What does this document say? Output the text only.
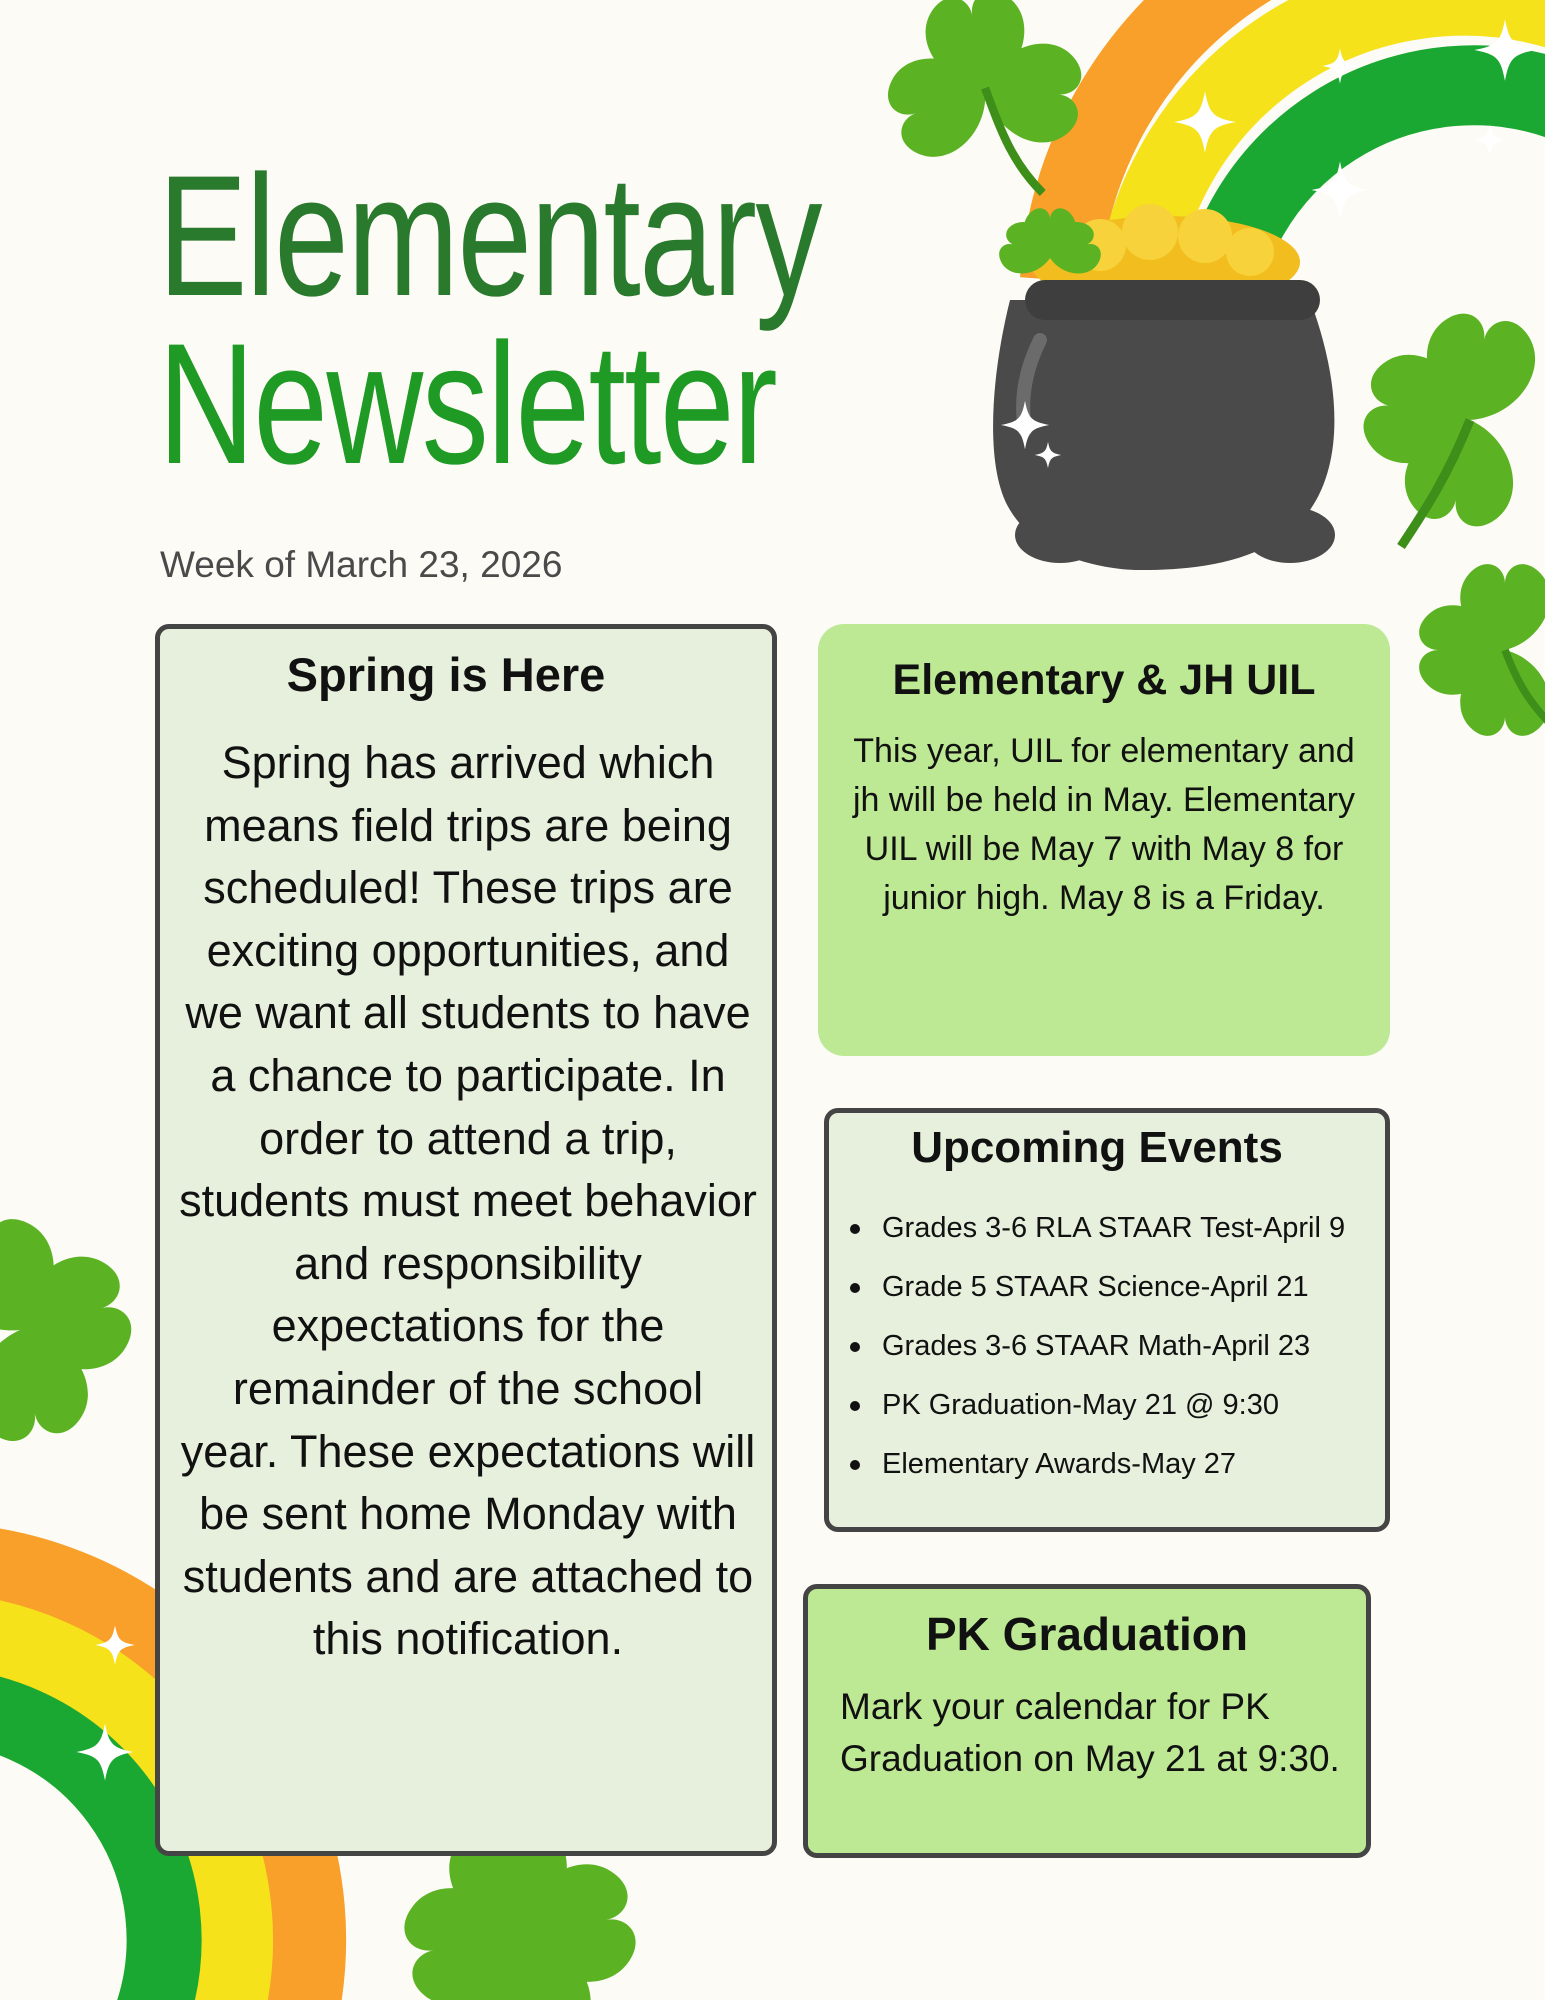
Elementary
Newsletter
Week of March 23, 2026
Spring is Here

Spring has arrived which means field trips are being scheduled! These trips are exciting opportunities, and we want all students to have a chance to participate. In order to attend a trip, students must meet behavior and responsibility expectations for the remainder of the school year. These expectations will be sent home Monday with students and are attached to this notification.

Elementary & JH UIL

This year, UIL for elementary and jh will be held in May. Elementary UIL will be May 7 with May 8 for junior high. May 8 is a Friday.

Upcoming Events
Grades 3-6 RLA STAAR Test-April 9
Grade 5 STAAR Science-April 21
Grades 3-6 STAAR Math-April 23
PK Graduation-May 21 @ 9:30
Elementary Awards-May 27
PK Graduation

Mark your calendar for PK Graduation on May 21 at 9:30.
